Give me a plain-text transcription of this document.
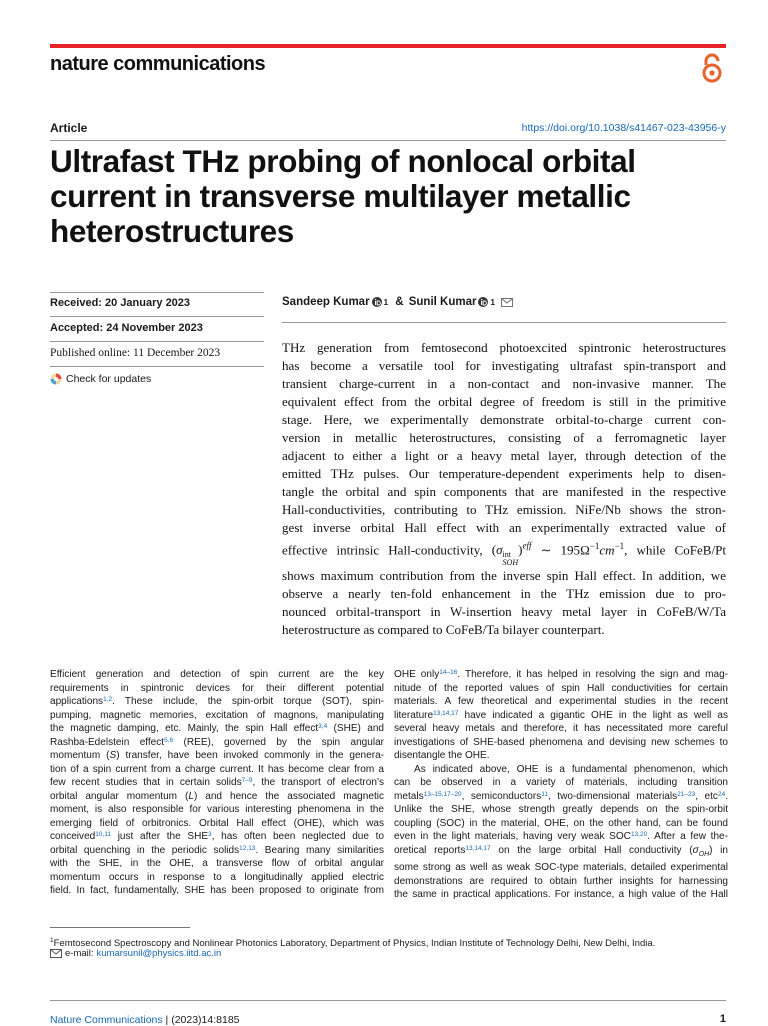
nature communications
Article	https://doi.org/10.1038/s41467-023-43956-y
Ultrafast THz probing of nonlocal orbital
current in transverse multilayer metallic
heterostructures
Received: 20 January 2023
Accepted: 24 November 2023
Published online: 11 December 2023
Check for updates
Sandeep Kumar 1 & Sunil Kumar 1
THz generation from femtosecond photoexcited spintronic heterostructures
has become a versatile tool for investigating ultrafast spin-transport and
transient charge-current in a non-contact and non-invasive manner. The
equivalent effect from the orbital degree of freedom is still in the primitive
stage. Here, we experimentally demonstrate orbital-to-charge current con-
version in metallic heterostructures, consisting of a ferromagnetic layer
adjacent to either a light or a heavy metal layer, through detection of the
emitted THz pulses. Our temperature-dependent experiments help to disen-
tangle the orbital and spin components that are manifested in the respective
Hall-conductivities, contributing to THz emission. NiFe/Nb shows the stron-
gest inverse orbital Hall effect with an experimentally extracted value of
effective intrinsic Hall-conductivity, (σ int
SOH
)$^{eff}$ ∼ $195\Omega^{-1}cm^{-1}$, while CoFeB/Pt
shows maximum contribution from the inverse spin Hall effect. In addition, we
observe a nearly ten-fold enhancement in the THz emission due to pro-
nounced orbital-transport in W-insertion heavy metal layer in CoFeB/W/Ta
heterostructure as compared to CoFeB/Ta bilayer counterpart.
Efficient generation and detection of spin current are the key
requirements in spintronic devices for their different potential
applications$^{1,2}$. These include, the spin-orbit torque (SOT), spin-
pumping, magnetic memories, excitation of magnons, manipulating
the magnetic damping, etc. Mainly, the spin Hall effect$^{3,4}$ (SHE) and
Rashba-Edelstein effect$^{5,6}$ (REE), governed by the spin angular
momentum (S) transfer, have been invoked commonly in the genera-
tion of a spin current from a charge current. It has become clear from a
few recent studies that in certain solids$^{7-9}$, the transport of electron’s
orbital angular momentum (L) and hence the associated magnetic
moment, is also responsible for various interesting phenomena in the
emerging field of orbitronics. Orbital Hall effect (OHE), which was
conceived$^{10,11}$ just after the SHE$^3$, has often been neglected due to
orbital quenching in the periodic solids$^{12,13}$. Bearing many similarities
with the SHE, in the OHE, a transverse flow of orbital angular
momentum occurs in response to a longitudinally applied electric
field. In fact, fundamentally, SHE has been proposed to originate from
OHE only$^{14-16}$. Therefore, it has helped in resolving the sign and mag-
nitude of the reported values of spin Hall conductivities for certain
materials. A few theoretical and experimental studies in the recent
literature$^{13,14,17}$ have indicated a gigantic OHE in the light as well as
several heavy metals and therefore, it has necessitated more careful
investigations of SHE-based phenomena and devising new schemes to
disentangle the OHE.
As indicated above, OHE is a fundamental phenomenon, which
can be observed in a variety of materials, including transition
metals$^{13-15,17-20}$, semiconductors$^{11}$, two-dimensional materials$^{21-23}$, etc$^{24}$.
Unlike the SHE, whose strength greatly depends on the spin-orbit
coupling (SOC) in the material, OHE, on the other hand, can be found
even in the light materials, having very weak SOC$^{13,20}$. After a few the-
oretical reports$^{13,14,17}$ on the large orbital Hall conductivity $(\sigma_{OH})$ in
some strong as well as weak SOC-type materials, detailed experimental
demonstrations are required to obtain further insights for harnessing
the same in practical applications. For instance, a high value of the Hall
$^1$Femtosecond Spectroscopy and Nonlinear Photonics Laboratory, Department of Physics, Indian Institute of Technology Delhi, New Delhi, India.
e-mail: kumarsunil@physics.iitd.ac.in
Nature Communications | (2023)14:8185	1
